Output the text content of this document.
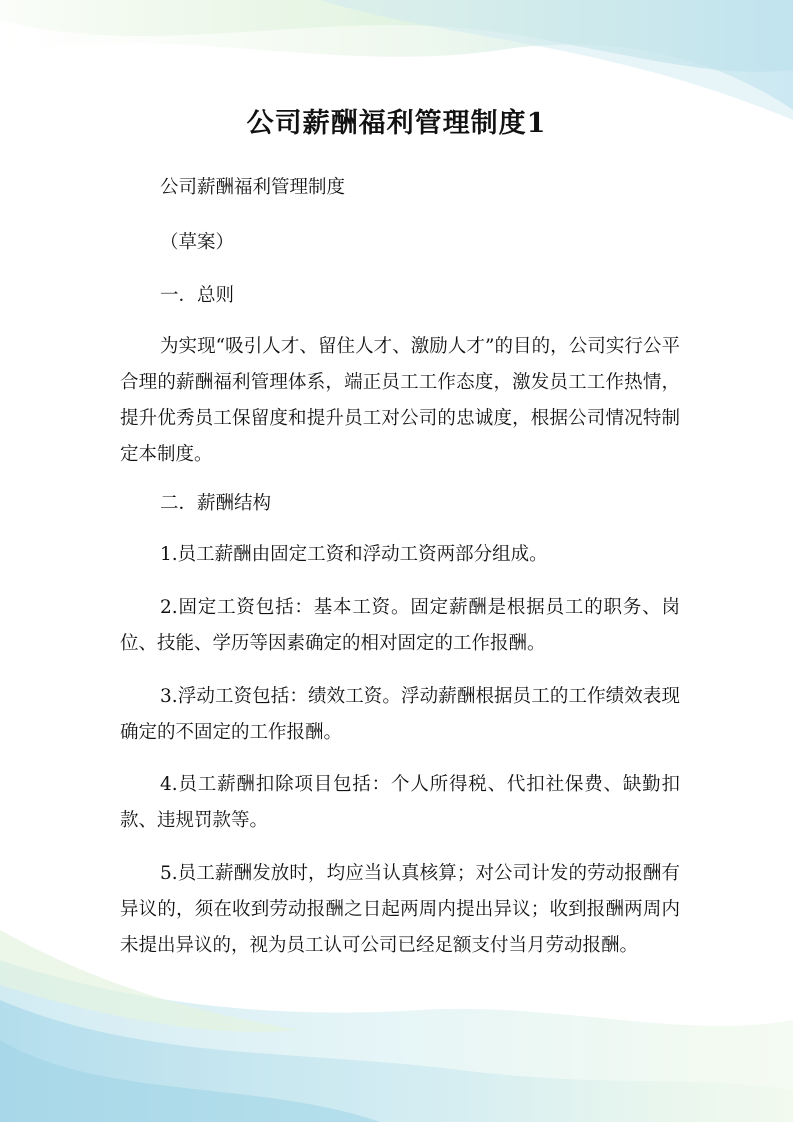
公司薪酬福利管理制度1

公司薪酬福利管理制度

（草案）

一．总则

为实现“吸引人才、留住人才、激励人才”的目的，公司实行公平合理的薪酬福利管理体系，端正员工工作态度，激发员工工作热情，提升优秀员工保留度和提升员工对公司的忠诚度，根据公司情况特制定本制度。

二．薪酬结构

1.员工薪酬由固定工资和浮动工资两部分组成。

2.固定工资包括：基本工资。固定薪酬是根据员工的职务、岗位、技能、学历等因素确定的相对固定的工作报酬。

3.浮动工资包括：绩效工资。浮动薪酬根据员工的工作绩效表现确定的不固定的工作报酬。

4.员工薪酬扣除项目包括：个人所得税、代扣社保费、缺勤扣款、违规罚款等。

5.员工薪酬发放时，均应当认真核算；对公司计发的劳动报酬有异议的，须在收到劳动报酬之日起两周内提出异议；收到报酬两周内未提出异议的，视为员工认可公司已经足额支付当月劳动报酬。
